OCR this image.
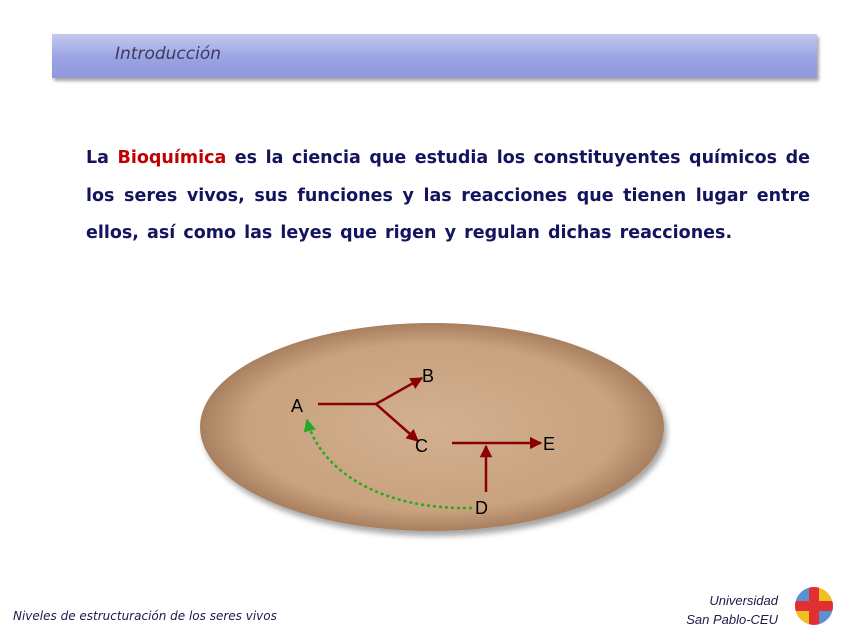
Introducción
La Bioquímica es la ciencia que estudia los constituyentes químicos de los seres vivos, sus funciones y las reacciones que tienen lugar entre ellos, así como las leyes que rigen y regulan dichas reacciones.
A
B
C
D
E
Niveles de estructuración de los seres vivos
Universidad
San Pablo-CEU
